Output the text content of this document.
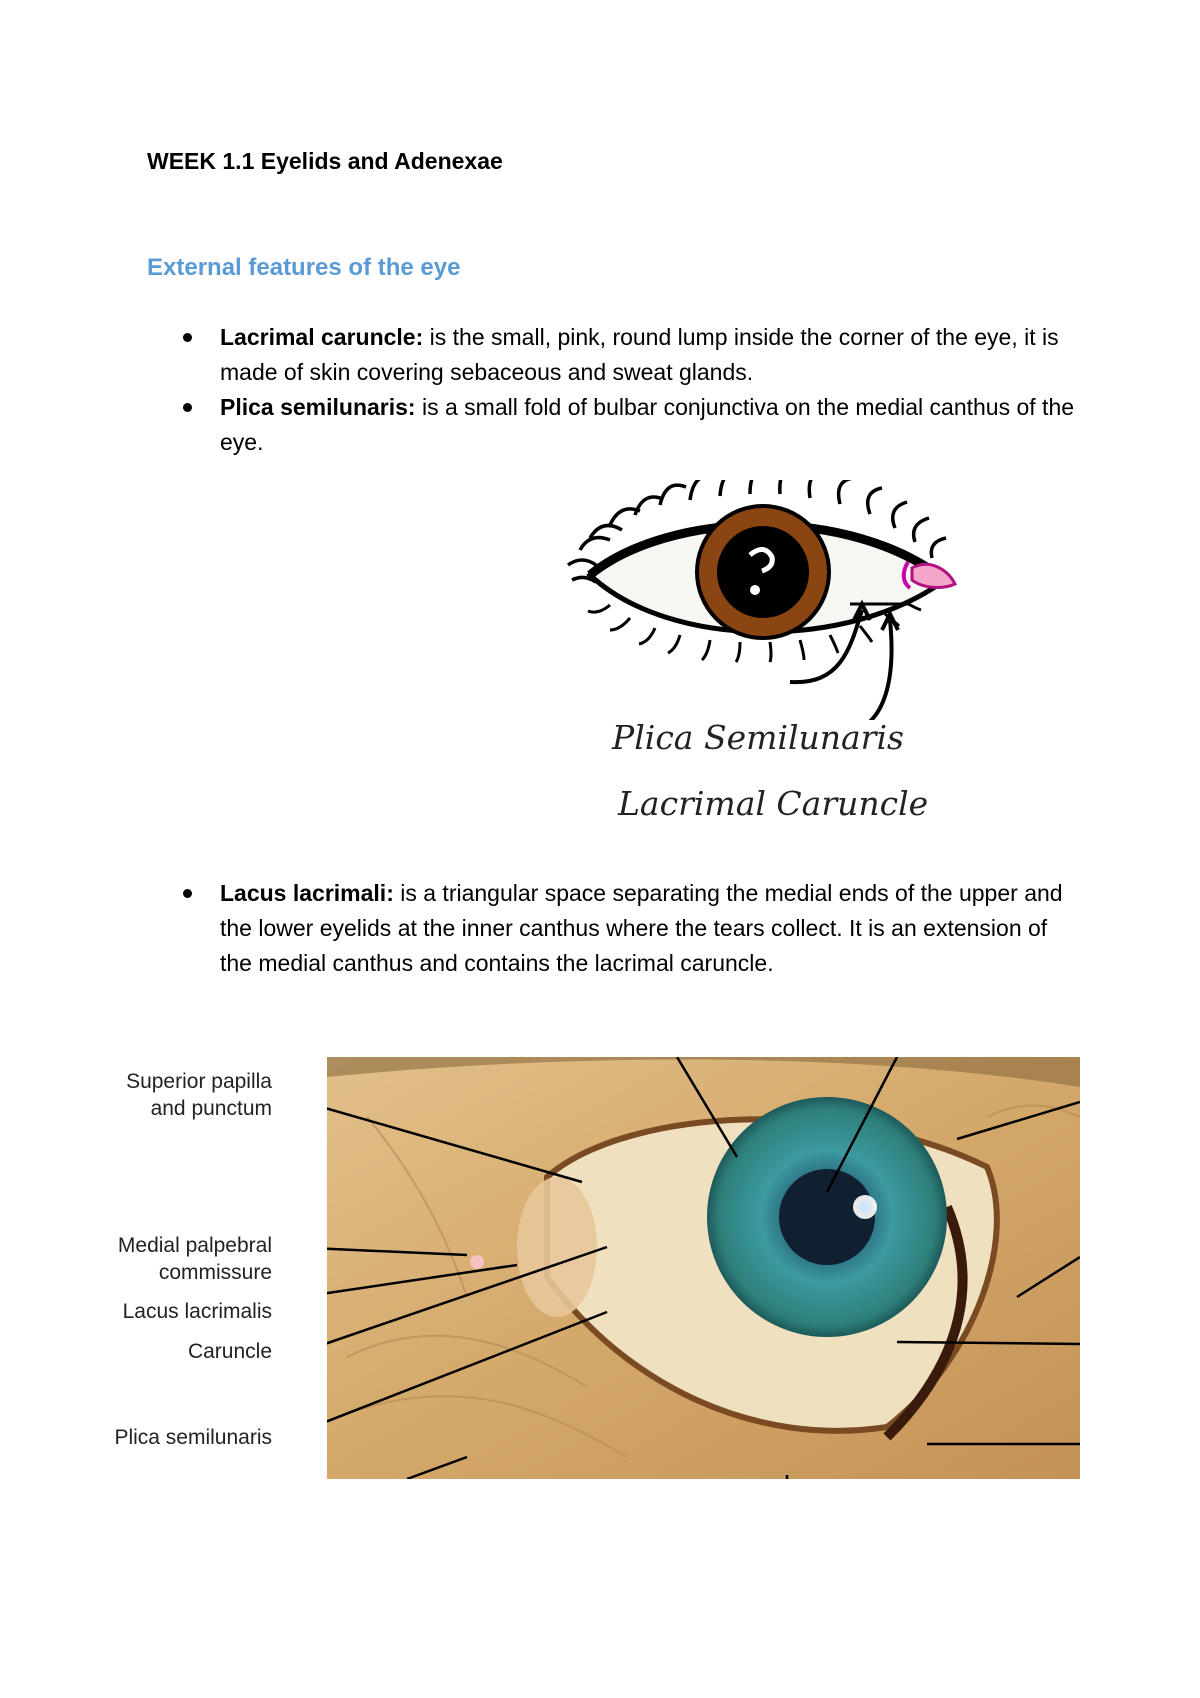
WEEK 1.1 Eyelids and Adenexae
External features of the eye
Lacrimal caruncle: is the small, pink, round lump inside the corner of the eye, it is made of skin covering sebaceous and sweat glands.
Plica semilunaris: is a small fold of bulbar conjunctiva on the medial canthus of the eye.
Plica Semilunaris
Lacrimal Caruncle
Lacus lacrimali: is a triangular space separating the medial ends of the upper and the lower eyelids at the inner canthus where the tears collect. It is an extension of the medial canthus and contains the lacrimal caruncle.
Superior papilla
and punctum
Medial palpebral
commissure
Lacus lacrimalis
Caruncle
Plica semilunaris
